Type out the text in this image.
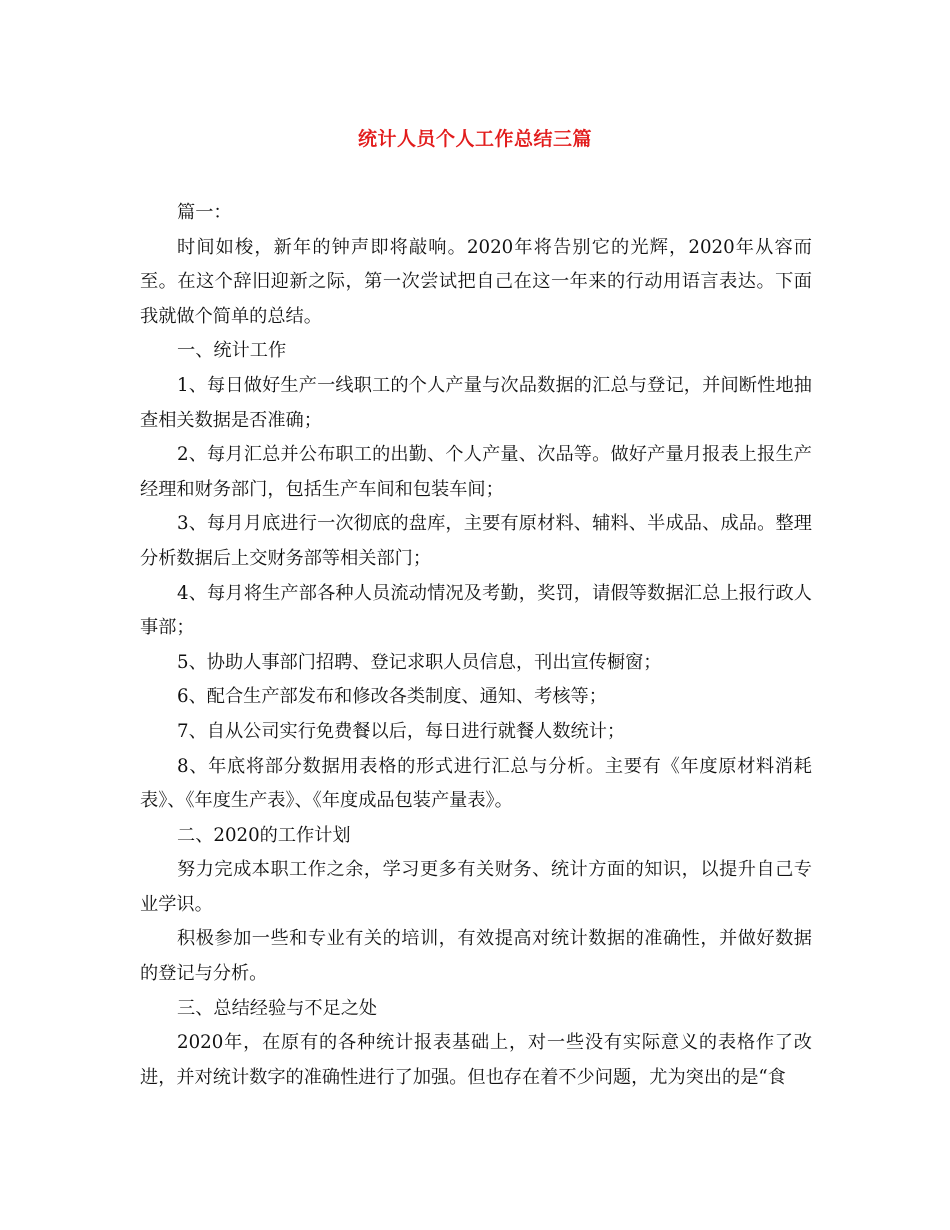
统计人员个人工作总结三篇

篇一：

时间如梭，新年的钟声即将敲响。2020年将告别它的光辉，2020年从容而至。在这个辞旧迎新之际，第一次尝试把自己在这一年来的行动用语言表达。下面我就做个简单的总结。

一、统计工作

1、每日做好生产一线职工的个人产量与次品数据的汇总与登记，并间断性地抽查相关数据是否准确；

2、每月汇总并公布职工的出勤、个人产量、次品等。做好产量月报表上报生产经理和财务部门，包括生产车间和包装车间；

3、每月月底进行一次彻底的盘库，主要有原材料、辅料、半成品、成品。整理分析数据后上交财务部等相关部门；

4、每月将生产部各种人员流动情况及考勤，奖罚，请假等数据汇总上报行政人事部；

5、协助人事部门招聘、登记求职人员信息，刊出宣传橱窗；

6、配合生产部发布和修改各类制度、通知、考核等；

7、自从公司实行免费餐以后，每日进行就餐人数统计；

8、年底将部分数据用表格的形式进行汇总与分析。主要有《年度原材料消耗表》、《年度生产表》、《年度成品包装产量表》。

二、2020的工作计划

努力完成本职工作之余，学习更多有关财务、统计方面的知识，以提升自己专业学识。

积极参加一些和专业有关的培训，有效提高对统计数据的准确性，并做好数据的登记与分析。

三、总结经验与不足之处

2020年，在原有的各种统计报表基础上，对一些没有实际意义的表格作了改进，并对统计数字的准确性进行了加强。但也存在着不少问题，尤为突出的是“食
